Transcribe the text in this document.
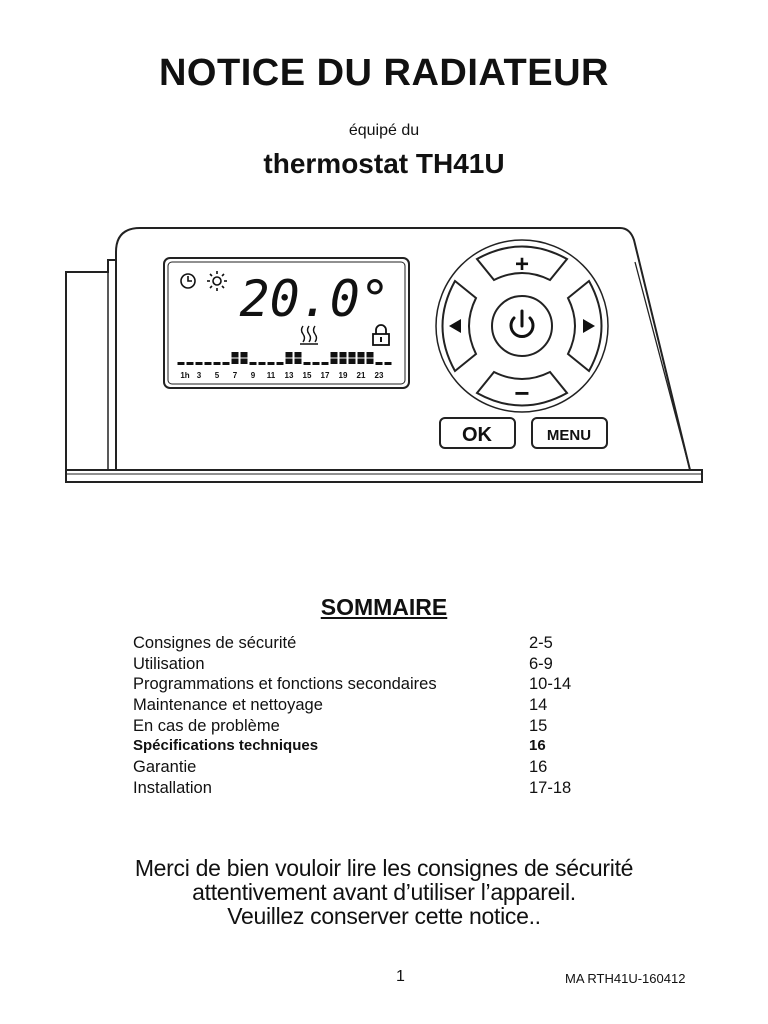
NOTICE DU RADIATEUR
équipé du
thermostat TH41U
20.0°
1h 3 5 7 9 11 13 15 17 19 21 23
+
−
OK	MENU
SOMMAIRE
Consignes de sécurité	2-5
Utilisation	6-9
Programmations et fonctions secondaires	10-14
Maintenance et nettoyage	14
En cas de problème	15
Spécifications techniques	16
Garantie	16
Installation	17-18
Merci de bien vouloir lire les consignes de sécurité
attentivement avant d’utiliser l’appareil.
Veuillez conserver cette notice..
1	MA RTH41U-160412
